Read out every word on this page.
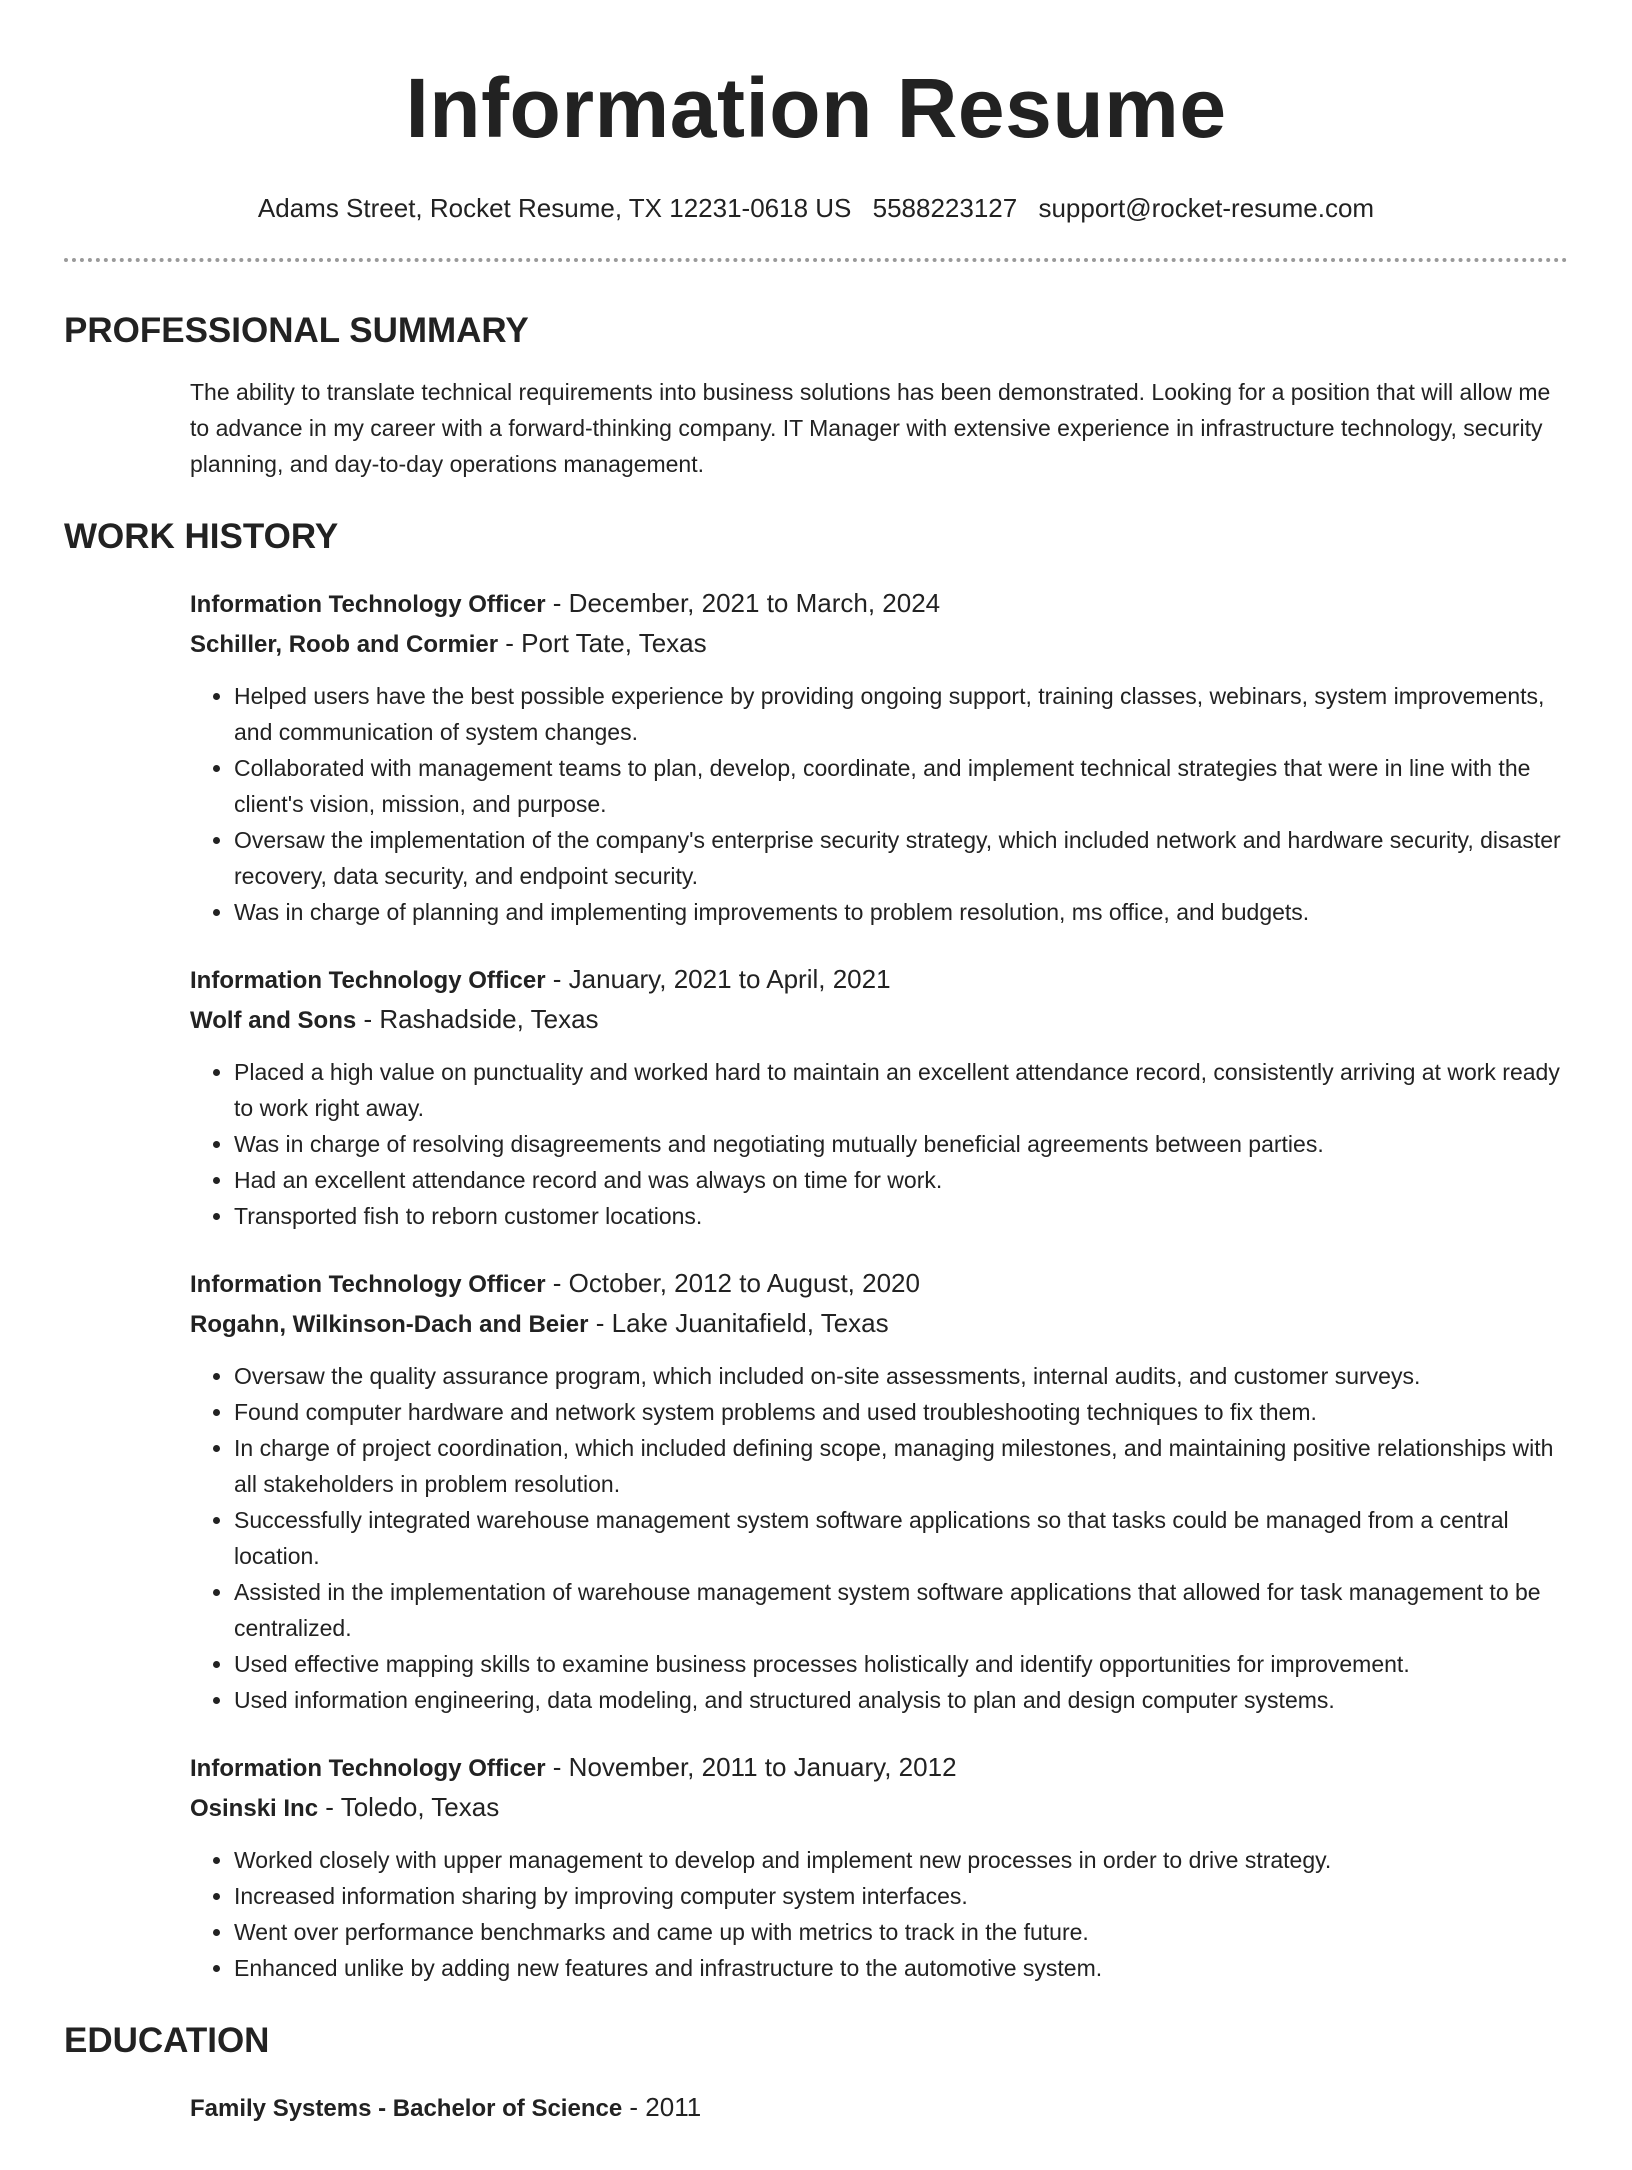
Information Resume
Adams Street, Rocket Resume, TX 12231-0618 US 5588223127 support@rocket-resume.com
PROFESSIONAL SUMMARY
The ability to translate technical requirements into business solutions has been demonstrated. Looking for a position that will allow me to advance in my career with a forward-thinking company. IT Manager with extensive experience in infrastructure technology, security planning, and day-to-day operations management.
WORK HISTORY
Information Technology Officer - December, 2021 to March, 2024
Schiller, Roob and Cormier - Port Tate, Texas
• Helped users have the best possible experience by providing ongoing support, training classes, webinars, system improvements, and communication of system changes.
• Collaborated with management teams to plan, develop, coordinate, and implement technical strategies that were in line with the client's vision, mission, and purpose.
• Oversaw the implementation of the company's enterprise security strategy, which included network and hardware security, disaster recovery, data security, and endpoint security.
• Was in charge of planning and implementing improvements to problem resolution, ms office, and budgets.
Information Technology Officer - January, 2021 to April, 2021
Wolf and Sons - Rashadside, Texas
• Placed a high value on punctuality and worked hard to maintain an excellent attendance record, consistently arriving at work ready to work right away.
• Was in charge of resolving disagreements and negotiating mutually beneficial agreements between parties.
• Had an excellent attendance record and was always on time for work.
• Transported fish to reborn customer locations.
Information Technology Officer - October, 2012 to August, 2020
Rogahn, Wilkinson-Dach and Beier - Lake Juanitafield, Texas
• Oversaw the quality assurance program, which included on-site assessments, internal audits, and customer surveys.
• Found computer hardware and network system problems and used troubleshooting techniques to fix them.
• In charge of project coordination, which included defining scope, managing milestones, and maintaining positive relationships with all stakeholders in problem resolution.
• Successfully integrated warehouse management system software applications so that tasks could be managed from a central location.
• Assisted in the implementation of warehouse management system software applications that allowed for task management to be centralized.
• Used effective mapping skills to examine business processes holistically and identify opportunities for improvement.
• Used information engineering, data modeling, and structured analysis to plan and design computer systems.
Information Technology Officer - November, 2011 to January, 2012
Osinski Inc - Toledo, Texas
• Worked closely with upper management to develop and implement new processes in order to drive strategy.
• Increased information sharing by improving computer system interfaces.
• Went over performance benchmarks and came up with metrics to track in the future.
• Enhanced unlike by adding new features and infrastructure to the automotive system.
EDUCATION
Family Systems - Bachelor of Science - 2011
